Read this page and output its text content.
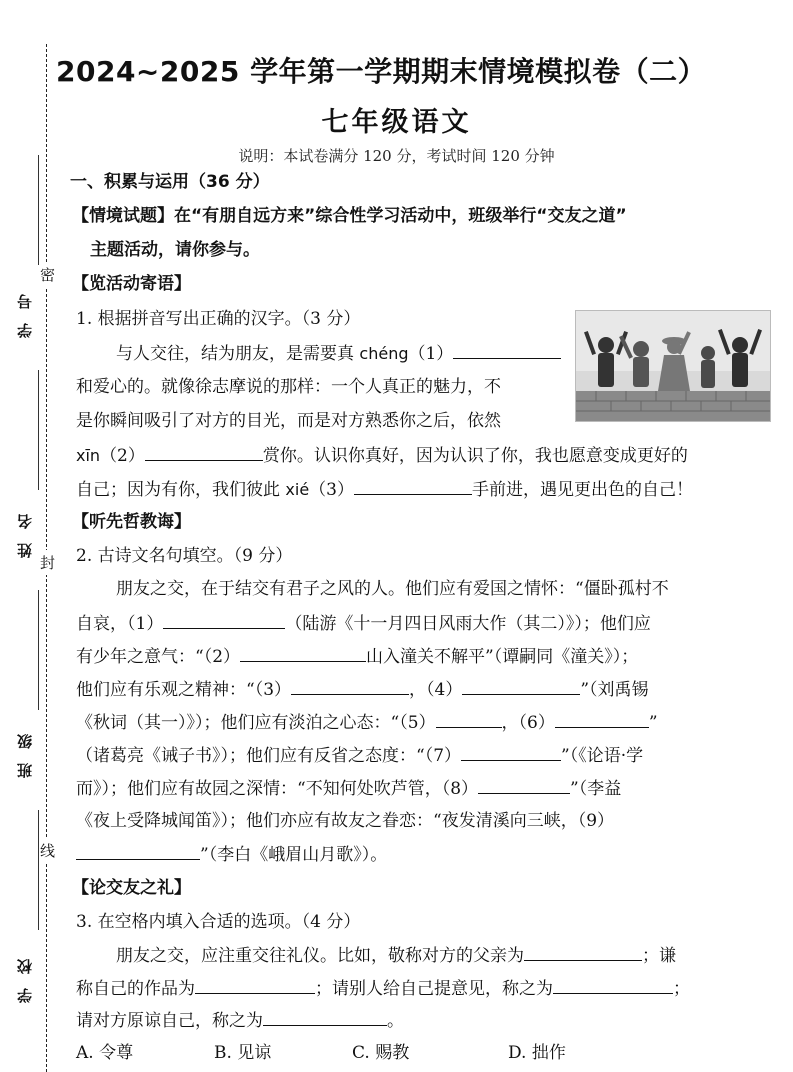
学号
姓名
班级
学校
密
封
线
2024~2025 学年第一学期期末情境模拟卷（二）
七年级语文
说明：本试卷满分 120 分，考试时间 120 分钟
一、积累与运用（36 分）
【情境试题】在“有朋自远方来”综合性学习活动中，班级举行“交友之道”
主题活动，请你参与。
【览活动寄语】
1. 根据拼音写出正确的汉字。（3 分）
与人交往，结为朋友，是需要真 chéng（1）
和爱心的。就像徐志摩说的那样：一个人真正的魅力，不
是你瞬间吸引了对方的目光，而是对方熟悉你之后，依然
xīn（2）	赏你。认识你真好，因为认识了你，我也愿意变成更好的
自己；因为有你，我们彼此 xié（3）	手前进，遇见更出色的自己！
【听先哲教诲】
2. 古诗文名句填空。（9 分）
朋友之交，在于结交有君子之风的人。他们应有爱国之情怀：“僵卧孤村不
自哀，（1）	（陆游《十一月四日风雨大作（其二）》）；他们应
有少年之意气：“（2）	山入潼关不解平”（谭嗣同《潼关》）；
他们应有乐观之精神：“（3）	，（4）	”（刘禹锡
《秋词（其一）》）；他们应有淡泊之心态：“（5）	，（6）	”
（诸葛亮《诫子书》）；他们应有反省之态度：“（7）	”（《论语·学
而》）；他们应有故园之深情：“不知何处吹芦管，（8）	”（李益
《夜上受降城闻笛》）；他们亦应有故友之眷恋：“夜发清溪向三峡，（9）
”（李白《峨眉山月歌》）。
【论交友之礼】
3. 在空格内填入合适的选项。（4 分）
朋友之交，应注重交往礼仪。比如，敬称对方的父亲为	；谦
称自己的作品为	；请别人给自己提意见，称之为	；
请对方原谅自己，称之为	。
A. 令尊	B. 见谅	C. 赐教	D. 拙作
